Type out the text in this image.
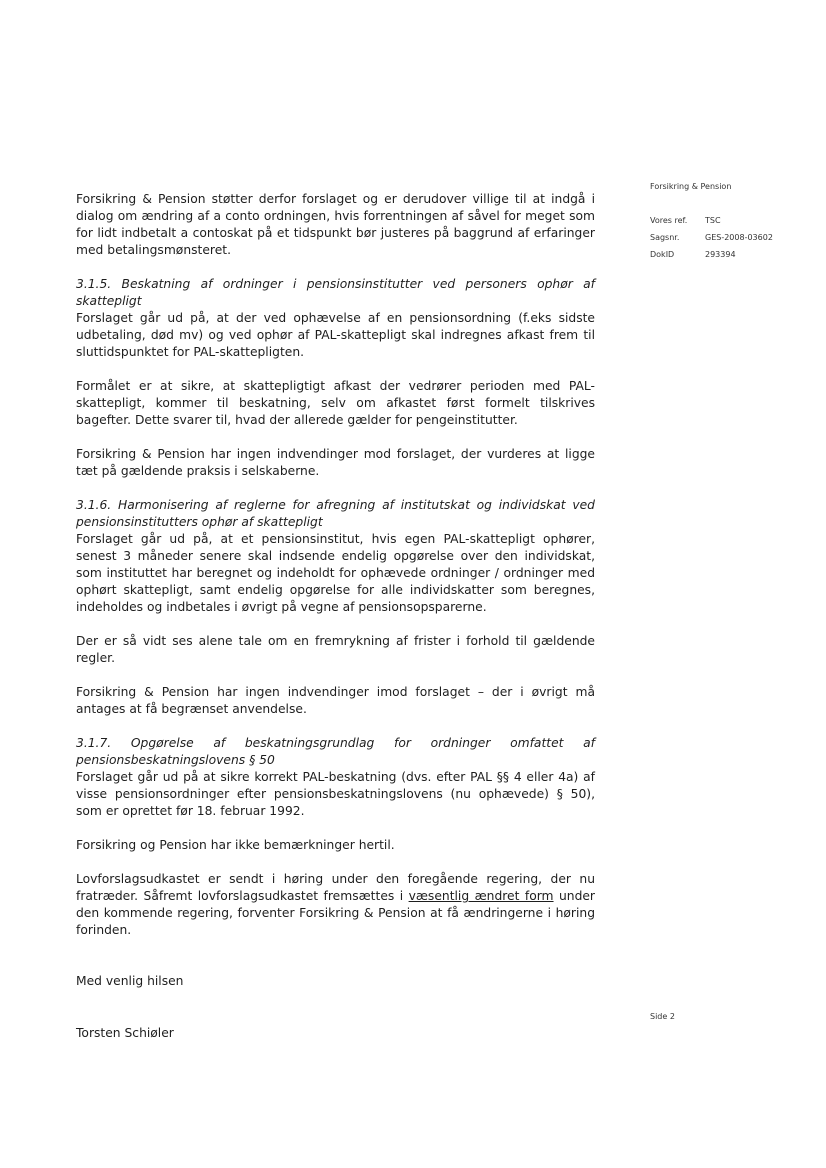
Forsikring & Pension
Vores ref.	TSC
Sagsnr.	GES-2008-03602
DokID	293394

Forsikring & Pension støtter derfor forslaget og er derudover villige til at indgå i dialog om ændring af a conto ordningen, hvis forrentningen af såvel for meget som for lidt indbetalt a contoskat på et tidspunkt bør justeres på baggrund af erfaringer med betalingsmønsteret.

3.1.5. Beskatning af ordninger i pensionsinstitutter ved personers ophør af skattepligt
Forslaget går ud på, at der ved ophævelse af en pensionsordning (f.eks sidste udbetaling, død mv) og ved ophør af PAL-skattepligt skal indregnes afkast frem til sluttidspunktet for PAL-skattepligten.

Formålet er at sikre, at skattepligtigt afkast der vedrører perioden med PAL-skattepligt, kommer til beskatning, selv om afkastet først formelt tilskrives bagefter. Dette svarer til, hvad der allerede gælder for pengeinstitutter.

Forsikring & Pension har ingen indvendinger mod forslaget, der vurderes at ligge tæt på gældende praksis i selskaberne.

3.1.6. Harmonisering af reglerne for afregning af institutskat og individskat ved pensionsinstitutters ophør af skattepligt
Forslaget går ud på, at et pensionsinstitut, hvis egen PAL-skattepligt ophører, senest 3 måneder senere skal indsende endelig opgørelse over den individskat, som instituttet har beregnet og indeholdt for ophævede ordninger / ordninger med ophørt skattepligt, samt endelig opgørelse for alle individskatter som beregnes, indeholdes og indbetales i øvrigt på vegne af pensionsopsparerne.

Der er så vidt ses alene tale om en fremrykning af frister i forhold til gældende regler.

Forsikring & Pension har ingen indvendinger imod forslaget – der i øvrigt må antages at få begrænset anvendelse.

3.1.7. Opgørelse af beskatningsgrundlag for ordninger omfattet af pensionsbeskatningslovens § 50
Forslaget går ud på at sikre korrekt PAL-beskatning (dvs. efter PAL §§ 4 eller 4a) af visse pensionsordninger efter pensionsbeskatningslovens (nu ophævede) § 50), som er oprettet før 18. februar 1992.

Forsikring og Pension har ikke bemærkninger hertil.

Lovforslagsudkastet er sendt i høring under den foregående regering, der nu fratræder. Såfremt lovforslagsudkastet fremsættes i væsentlig ændret form under den kommende regering, forventer Forsikring & Pension at få ændringerne i høring forinden.

Med venlig hilsen
Torsten Schiøler
Side 2
